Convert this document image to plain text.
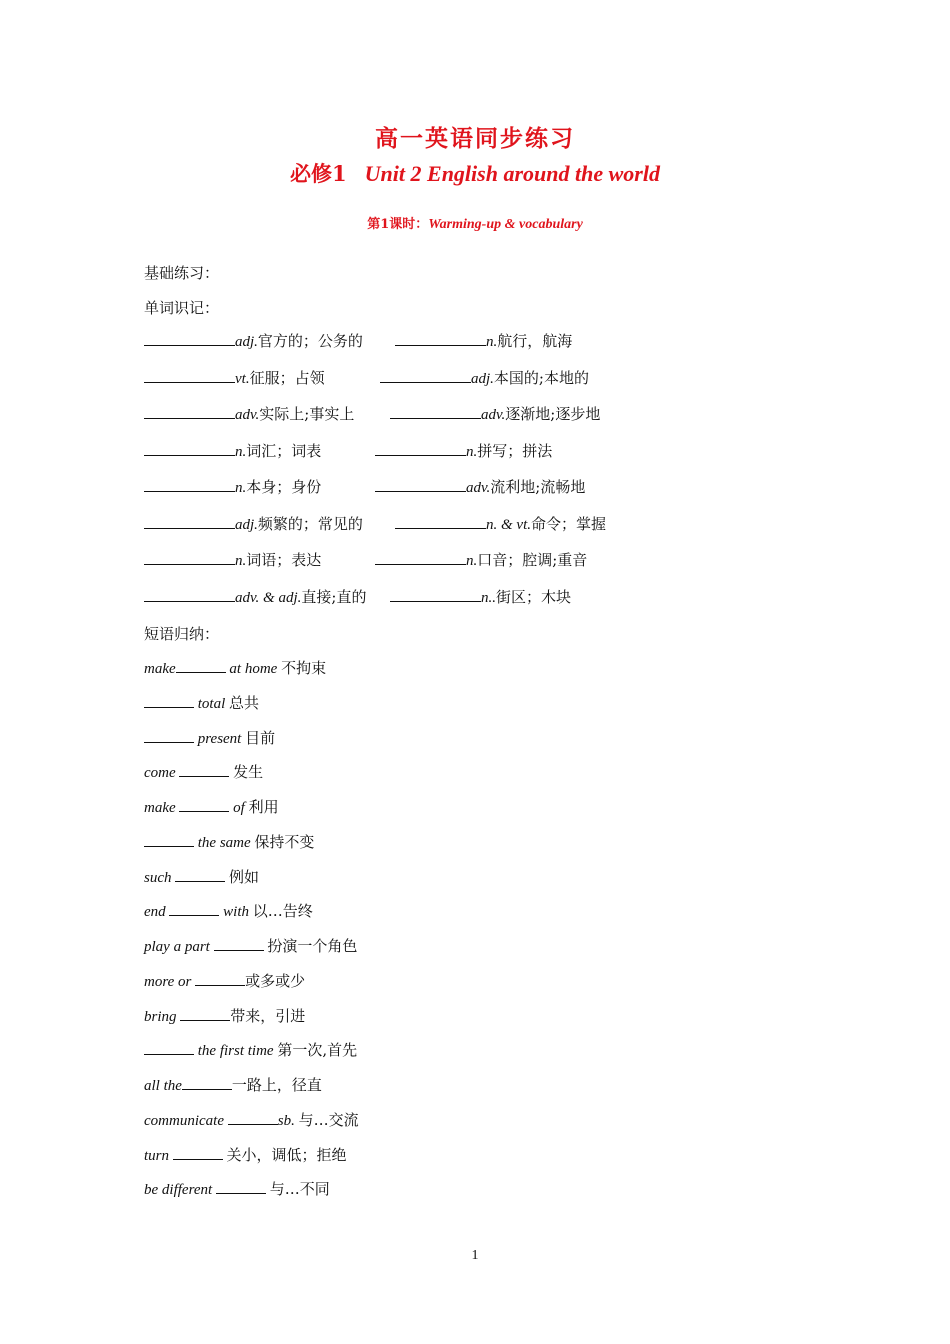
高一英语同步练习
必修1 Unit 2 English around the world
第1课时：Warming-up & vocabulary
基础练习：
单词识记：
adj.官方的；公务的	n.航行，航海
vt.征服；占领	adj.本国的;本地的
adv.实际上;事实上	adv.逐渐地;逐步地
n.词汇；词表	n.拼写；拼法
n.本身；身份	adv.流利地;流畅地
adj.频繁的；常见的	n. & vt.命令；掌握
n.词语；表达	n.口音；腔调;重音
adv. & adj.直接;直的	n..街区；木块
短语归纳：
make	at home 不拘束
total 总共
present 目前
come	发生
make	of 利用
the same 保持不变
such	例如
end	with 以…告终
play a part	扮演一个角色
more or	或多或少
bring	带来，引进
the first time 第一次,首先
all the	一路上，径直
communicate	sb. 与…交流
turn	关小，调低；拒绝
be different	与…不同
1
